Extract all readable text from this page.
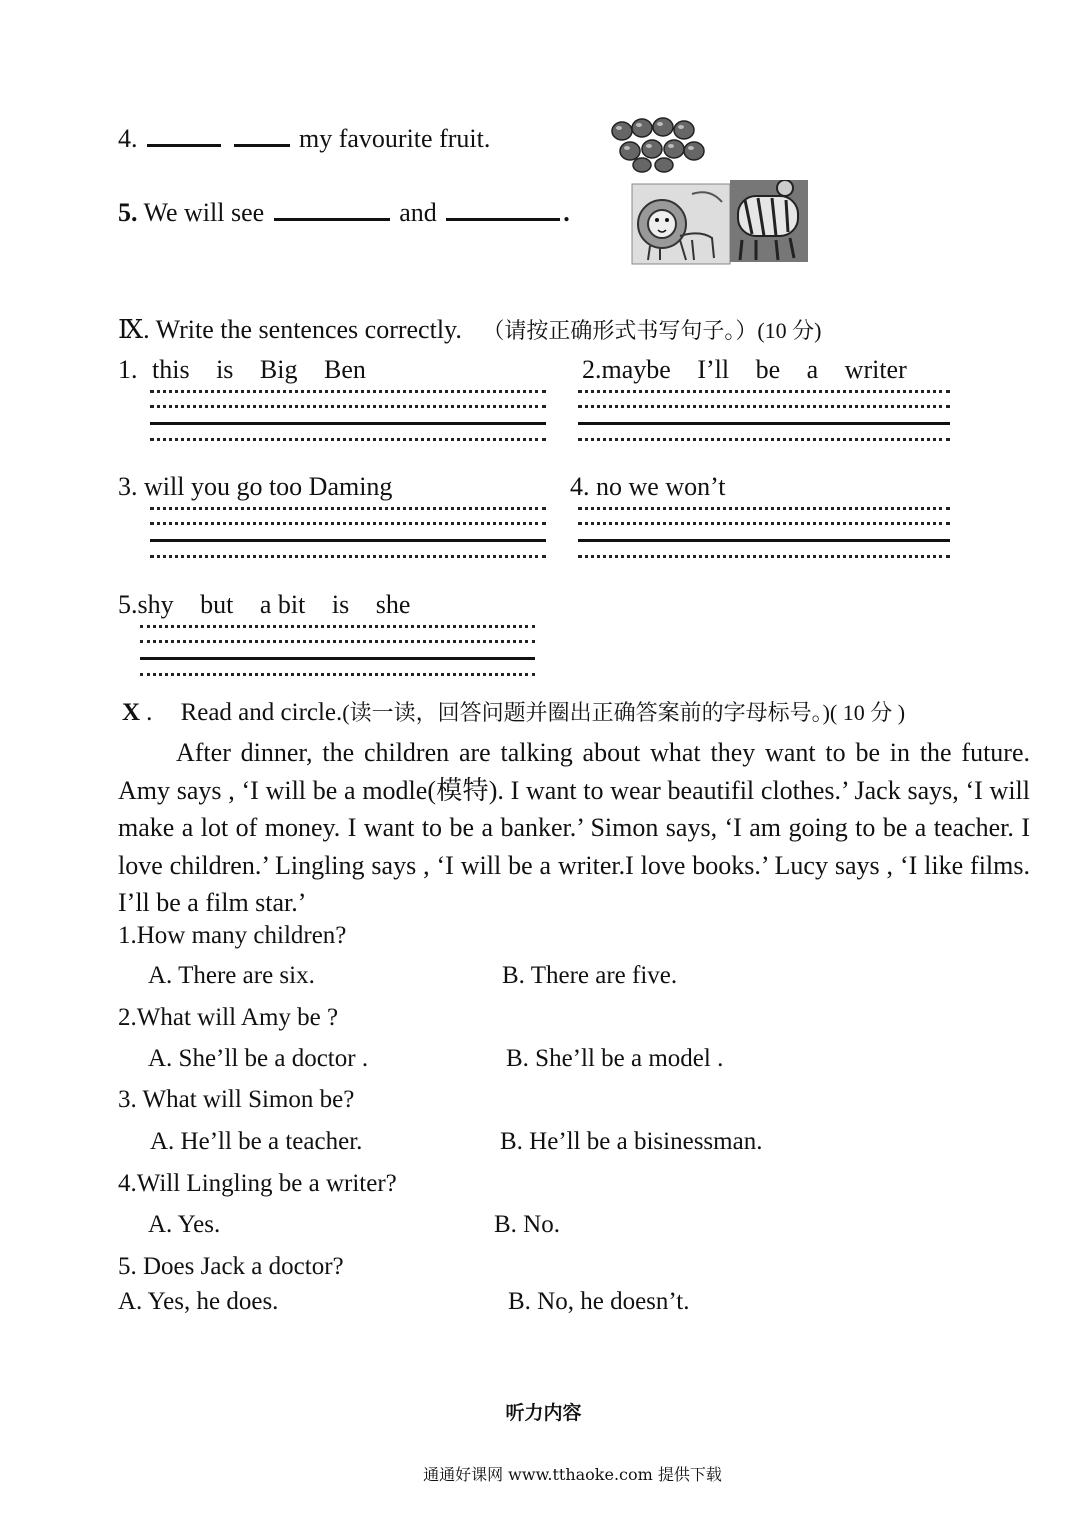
4.	my favourite fruit.
5. We will see	and	.
Ⅸ. Write the sentences correctly. （请按正确形式书写句子。）(10 分)
1. this is Big Ben	2.maybe I’ll be a writer
3. will you go too Daming	4. no we won’t
5.shy but a bit is she
X . Read and circle.(读一读，回答问题并圈出正确答案前的字母标号。)( 10 分 )
After dinner, the children are talking about what they want to be in the future. Amy says , ‘I will be a modle(模特). I want to wear beautifil clothes.’ Jack says, ‘I will make a lot of money. I want to be a banker.’ Simon says, ‘I am going to be a teacher. I love children.’ Lingling says , ‘I will be a writer.I love books.’ Lucy says , ‘I like films. I’ll be a film star.’
1.How many children?
A. There are six.	B. There are five.
2.What will Amy be ?
A. She’ll be a doctor .	B. She’ll be a model .
3. What will Simon be?
A. He’ll be a teacher.	B. He’ll be a bisinessman.
4.Will Lingling be a writer?
A. Yes.	B. No.
5. Does Jack a doctor?
A. Yes, he does.	B. No, he doesn’t.
听力内容
通通好课网 www.tthaoke.com 提供下载
